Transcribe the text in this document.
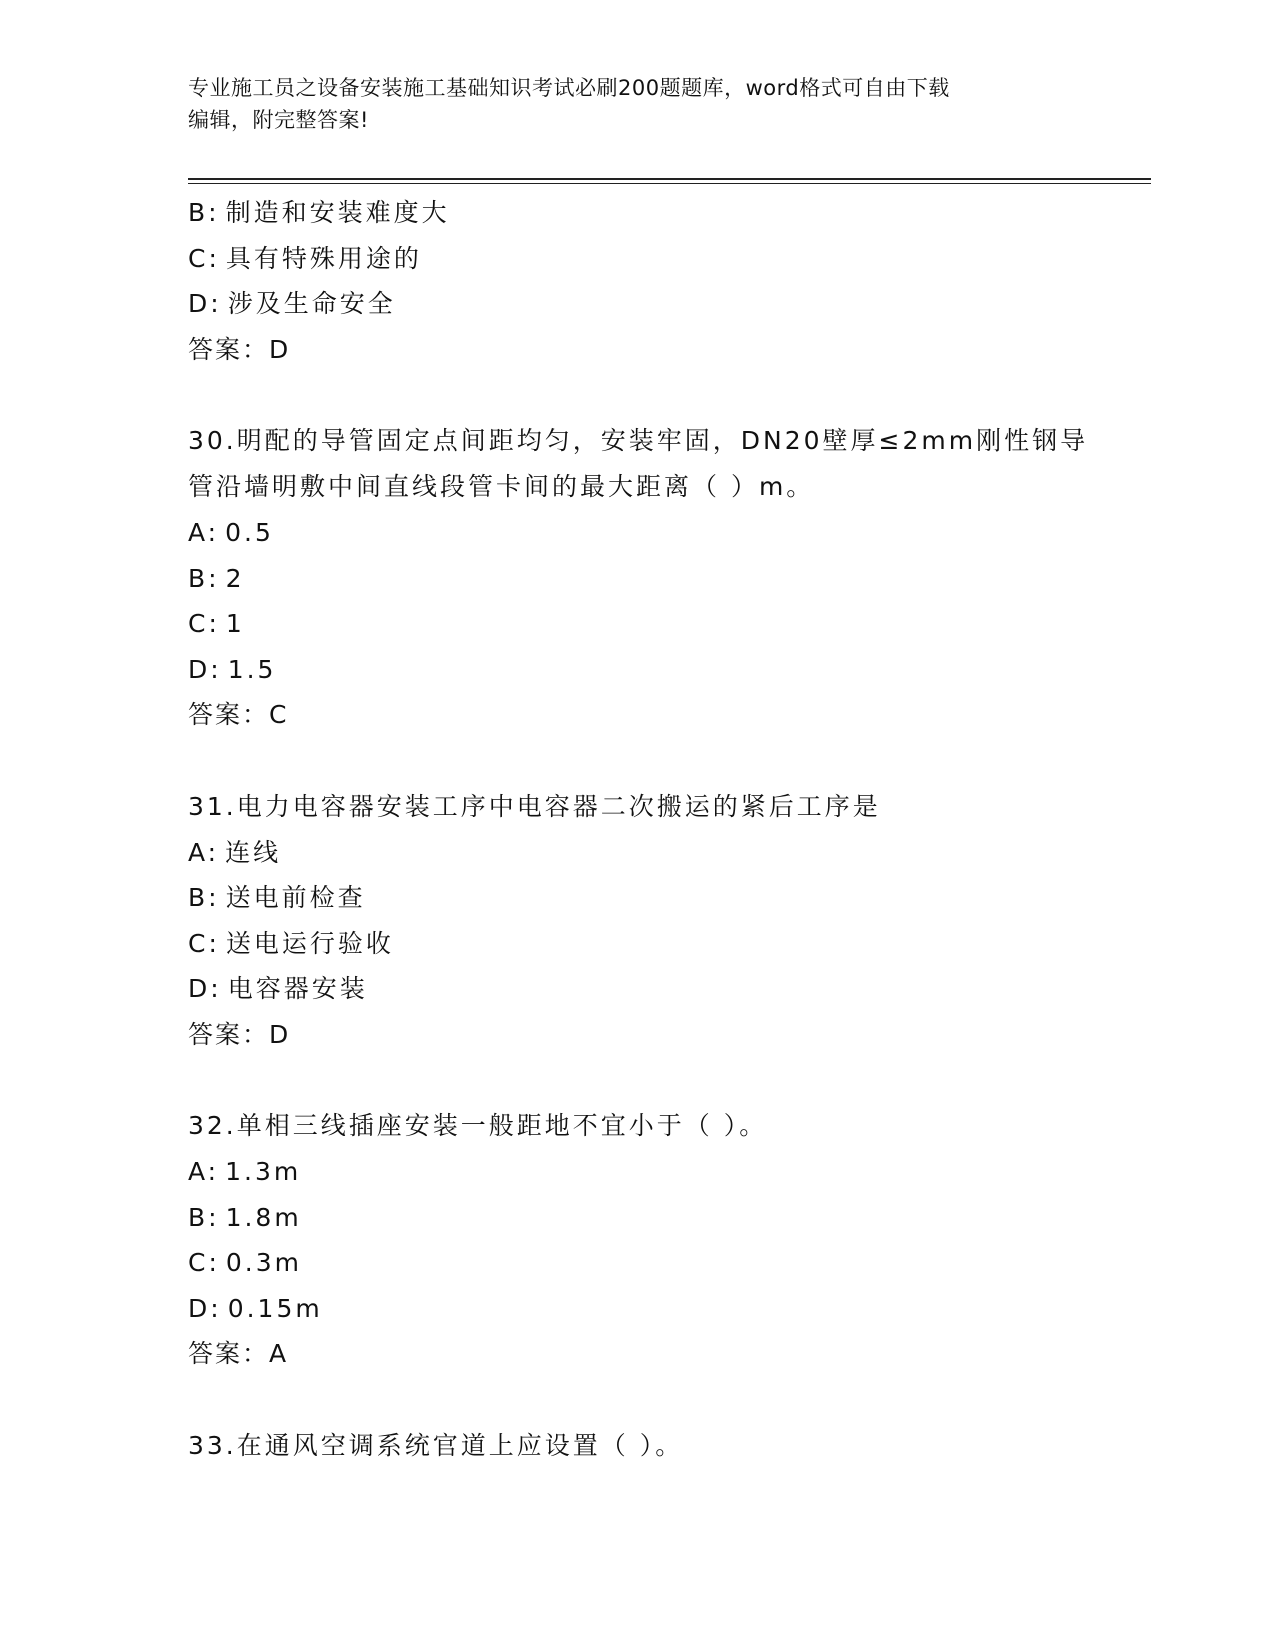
专业施工员之设备安装施工基础知识考试必刷200题题库，word格式可自由下载
编辑，附完整答案!
B: 制造和安装难度大
C: 具有特殊用途的
D: 涉及生命安全
答案：D
30.明配的导管固定点间距均匀，安装牢固，DN20壁厚≤2mm刚性钢导管沿墙明敷中间直线段管卡间的最大距离（ ）m。
A: 0.5
B: 2
C: 1
D: 1.5
答案：C
31.电力电容器安装工序中电容器二次搬运的紧后工序是
A: 连线
B: 送电前检查
C: 送电运行验收
D: 电容器安装
答案：D
32.单相三线插座安装一般距地不宜小于（ ）。
A: 1.3m
B: 1.8m
C: 0.3m
D: 0.15m
答案：A
33.在通风空调系统官道上应设置（ ）。
